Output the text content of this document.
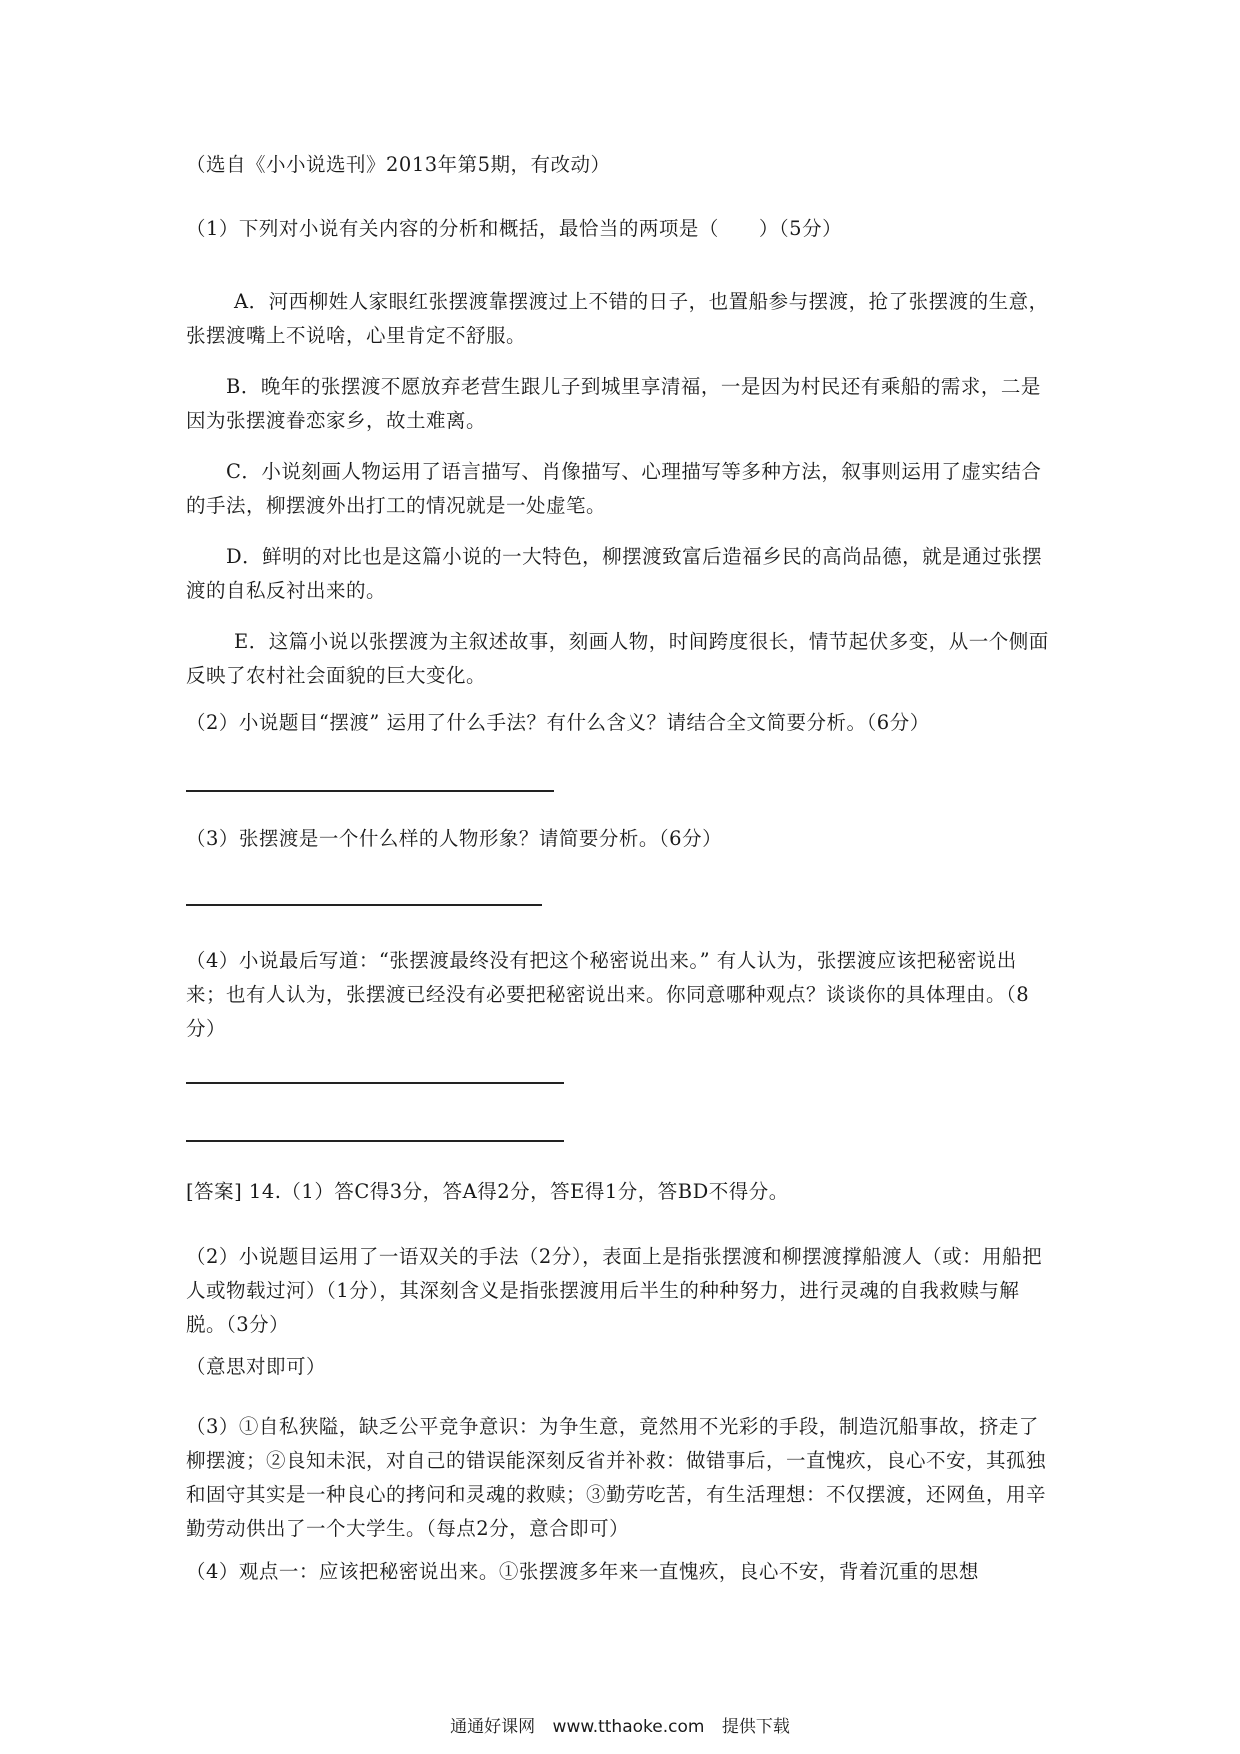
（选自《小小说选刊》2013年第5期，有改动）

（1）下列对小说有关内容的分析和概括，最恰当的两项是（　　）（5分）

A．河西柳姓人家眼红张摆渡靠摆渡过上不错的日子，也置船参与摆渡，抢了张摆渡的生意，张摆渡嘴上不说啥，心里肯定不舒服。

B．晚年的张摆渡不愿放弃老营生跟儿子到城里享清福，一是因为村民还有乘船的需求，二是因为张摆渡眷恋家乡，故土难离。

C．小说刻画人物运用了语言描写、肖像描写、心理描写等多种方法，叙事则运用了虚实结合的手法，柳摆渡外出打工的情况就是一处虚笔。

D．鲜明的对比也是这篇小说的一大特色，柳摆渡致富后造福乡民的高尚品德，就是通过张摆渡的自私反衬出来的。

E．这篇小说以张摆渡为主叙述故事，刻画人物，时间跨度很长，情节起伏多变，从一个侧面反映了农村社会面貌的巨大变化。

（2）小说题目“摆渡” 运用了什么手法？有什么含义？请结合全文简要分析。（6分）

（3）张摆渡是一个什么样的人物形象？请简要分析。（6分）

（4）小说最后写道：“张摆渡最终没有把这个秘密说出来。” 有人认为，张摆渡应该把秘密说出来；也有人认为，张摆渡已经没有必要把秘密说出来。你同意哪种观点？谈谈你的具体理由。（8分）

[答案] 14.（1）答C得3分，答A得2分，答E得1分，答BD不得分。

（2）小说题目运用了一语双关的手法（2分），表面上是指张摆渡和柳摆渡撑船渡人（或：用船把人或物载过河）（1分），其深刻含义是指张摆渡用后半生的种种努力，进行灵魂的自我救赎与解脱。（3分）

（意思对即可）

（3）①自私狭隘，缺乏公平竞争意识：为争生意，竟然用不光彩的手段，制造沉船事故，挤走了柳摆渡；②良知未泯，对自己的错误能深刻反省并补救：做错事后，一直愧疚，良心不安，其孤独和固守其实是一种良心的拷问和灵魂的救赎；③勤劳吃苦，有生活理想：不仅摆渡，还网鱼，用辛勤劳动供出了一个大学生。（每点2分，意合即可）

（4）观点一：应该把秘密说出来。①张摆渡多年来一直愧疚，良心不安，背着沉重的思想

通通好课网 www.tthaoke.com 提供下载
